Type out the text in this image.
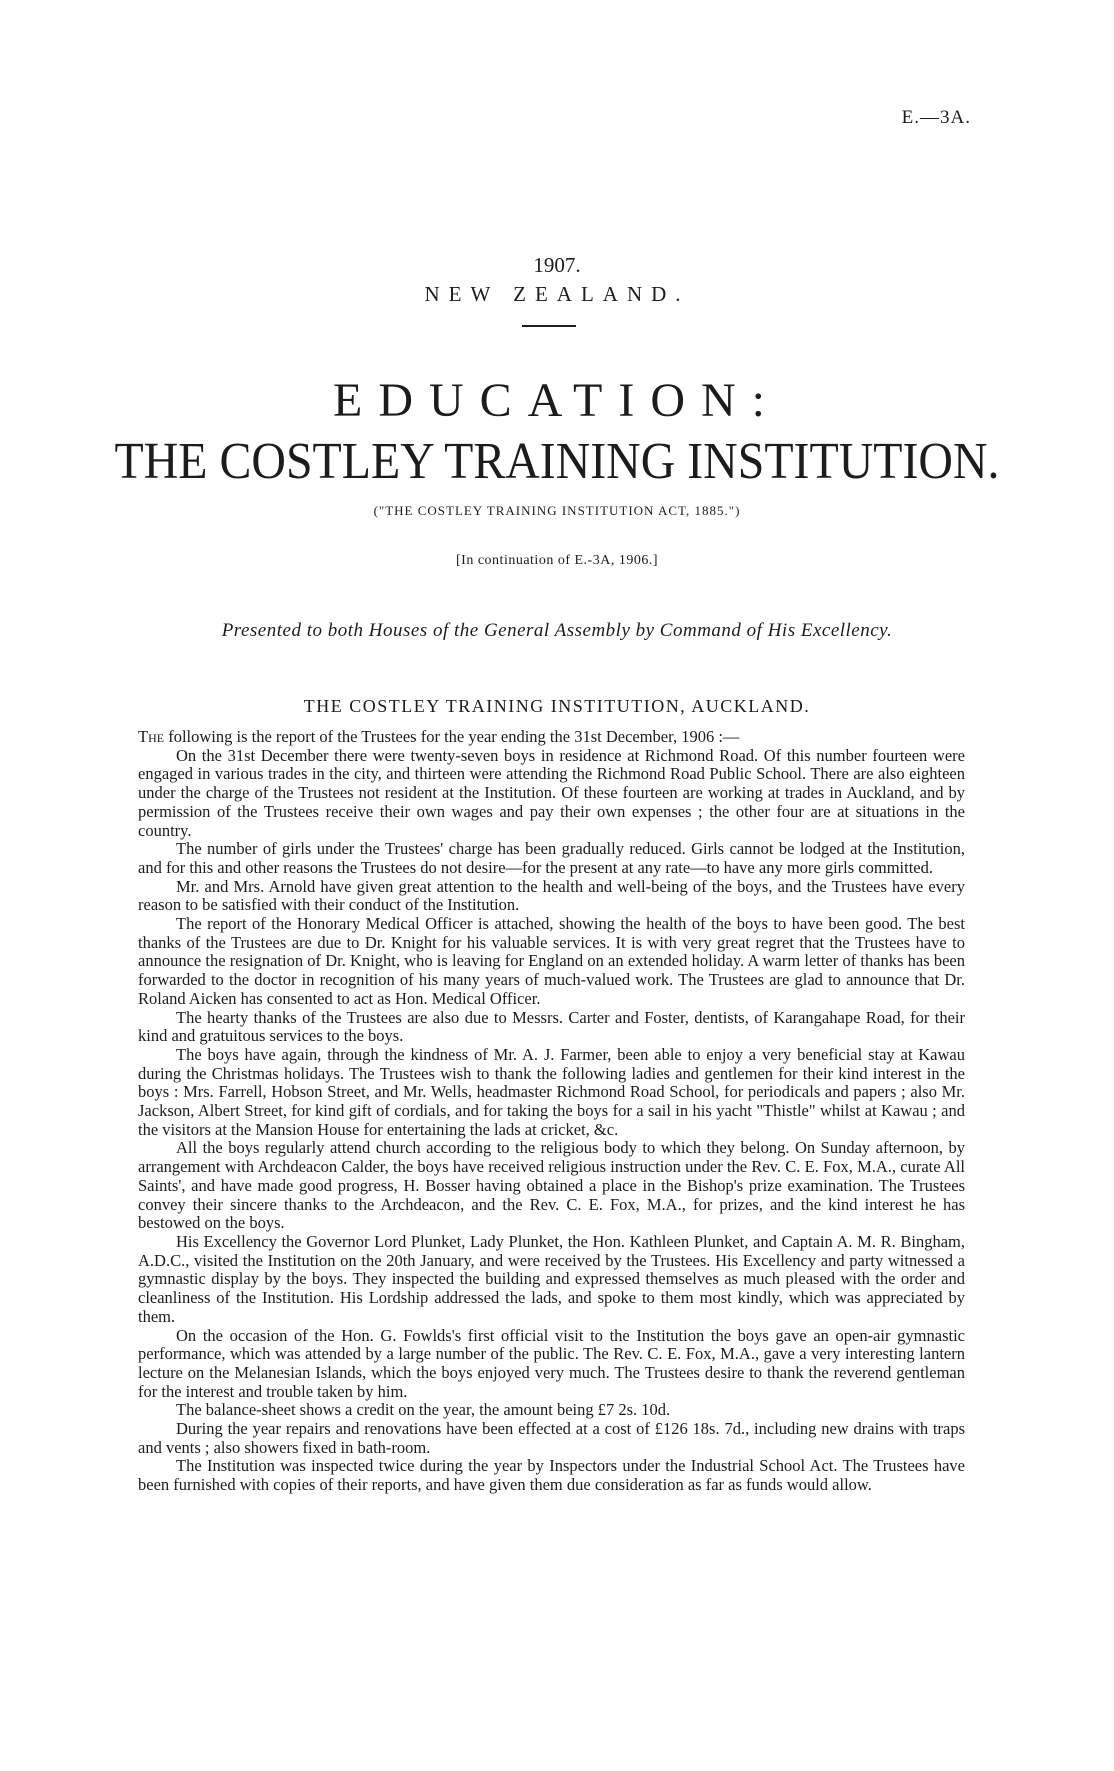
E.—3A.
1907.
NEW ZEALAND.
EDUCATION:
THE COSTLEY TRAINING INSTITUTION.
("THE COSTLEY TRAINING INSTITUTION ACT, 1885.")
[In continuation of E.-3A, 1906.]
Presented to both Houses of the General Assembly by Command of His Excellency.
THE COSTLEY TRAINING INSTITUTION, AUCKLAND.

The following is the report of the Trustees for the year ending the 31st December, 1906 :—

On the 31st December there were twenty-seven boys in residence at Richmond Road. Of this number fourteen were engaged in various trades in the city, and thirteen were attending the Richmond Road Public School. There are also eighteen under the charge of the Trustees not resident at the Institution. Of these fourteen are working at trades in Auckland, and by permission of the Trustees receive their own wages and pay their own expenses ; the other four are at situations in the country.

The number of girls under the Trustees' charge has been gradually reduced. Girls cannot be lodged at the Institution, and for this and other reasons the Trustees do not desire—for the present at any rate—to have any more girls committed.

Mr. and Mrs. Arnold have given great attention to the health and well-being of the boys, and the Trustees have every reason to be satisfied with their conduct of the Institution.

The report of the Honorary Medical Officer is attached, showing the health of the boys to have been good. The best thanks of the Trustees are due to Dr. Knight for his valuable services. It is with very great regret that the Trustees have to announce the resignation of Dr. Knight, who is leaving for England on an extended holiday. A warm letter of thanks has been forwarded to the doctor in recognition of his many years of much-valued work. The Trustees are glad to announce that Dr. Roland Aicken has consented to act as Hon. Medical Officer.

The hearty thanks of the Trustees are also due to Messrs. Carter and Foster, dentists, of Karangahape Road, for their kind and gratuitous services to the boys.

The boys have again, through the kindness of Mr. A. J. Farmer, been able to enjoy a very beneficial stay at Kawau during the Christmas holidays. The Trustees wish to thank the following ladies and gentlemen for their kind interest in the boys : Mrs. Farrell, Hobson Street, and Mr. Wells, headmaster Richmond Road School, for periodicals and papers ; also Mr. Jackson, Albert Street, for kind gift of cordials, and for taking the boys for a sail in his yacht "Thistle" whilst at Kawau ; and the visitors at the Mansion House for entertaining the lads at cricket, &c.

All the boys regularly attend church according to the religious body to which they belong. On Sunday afternoon, by arrangement with Archdeacon Calder, the boys have received religious instruction under the Rev. C. E. Fox, M.A., curate All Saints', and have made good progress, H. Bosser having obtained a place in the Bishop's prize examination. The Trustees convey their sincere thanks to the Archdeacon, and the Rev. C. E. Fox, M.A., for prizes, and the kind interest he has bestowed on the boys.

His Excellency the Governor Lord Plunket, Lady Plunket, the Hon. Kathleen Plunket, and Captain A. M. R. Bingham, A.D.C., visited the Institution on the 20th January, and were received by the Trustees. His Excellency and party witnessed a gymnastic display by the boys. They inspected the building and expressed themselves as much pleased with the order and cleanliness of the Institution. His Lordship addressed the lads, and spoke to them most kindly, which was appreciated by them.

On the occasion of the Hon. G. Fowlds's first official visit to the Institution the boys gave an open-air gymnastic performance, which was attended by a large number of the public. The Rev. C. E. Fox, M.A., gave a very interesting lantern lecture on the Melanesian Islands, which the boys enjoyed very much. The Trustees desire to thank the reverend gentleman for the interest and trouble taken by him.

The balance-sheet shows a credit on the year, the amount being £7 2s. 10d.

During the year repairs and renovations have been effected at a cost of £126 18s. 7d., including new drains with traps and vents ; also showers fixed in bath-room.

The Institution was inspected twice during the year by Inspectors under the Industrial School Act. The Trustees have been furnished with copies of their reports, and have given them due consideration as far as funds would allow.
